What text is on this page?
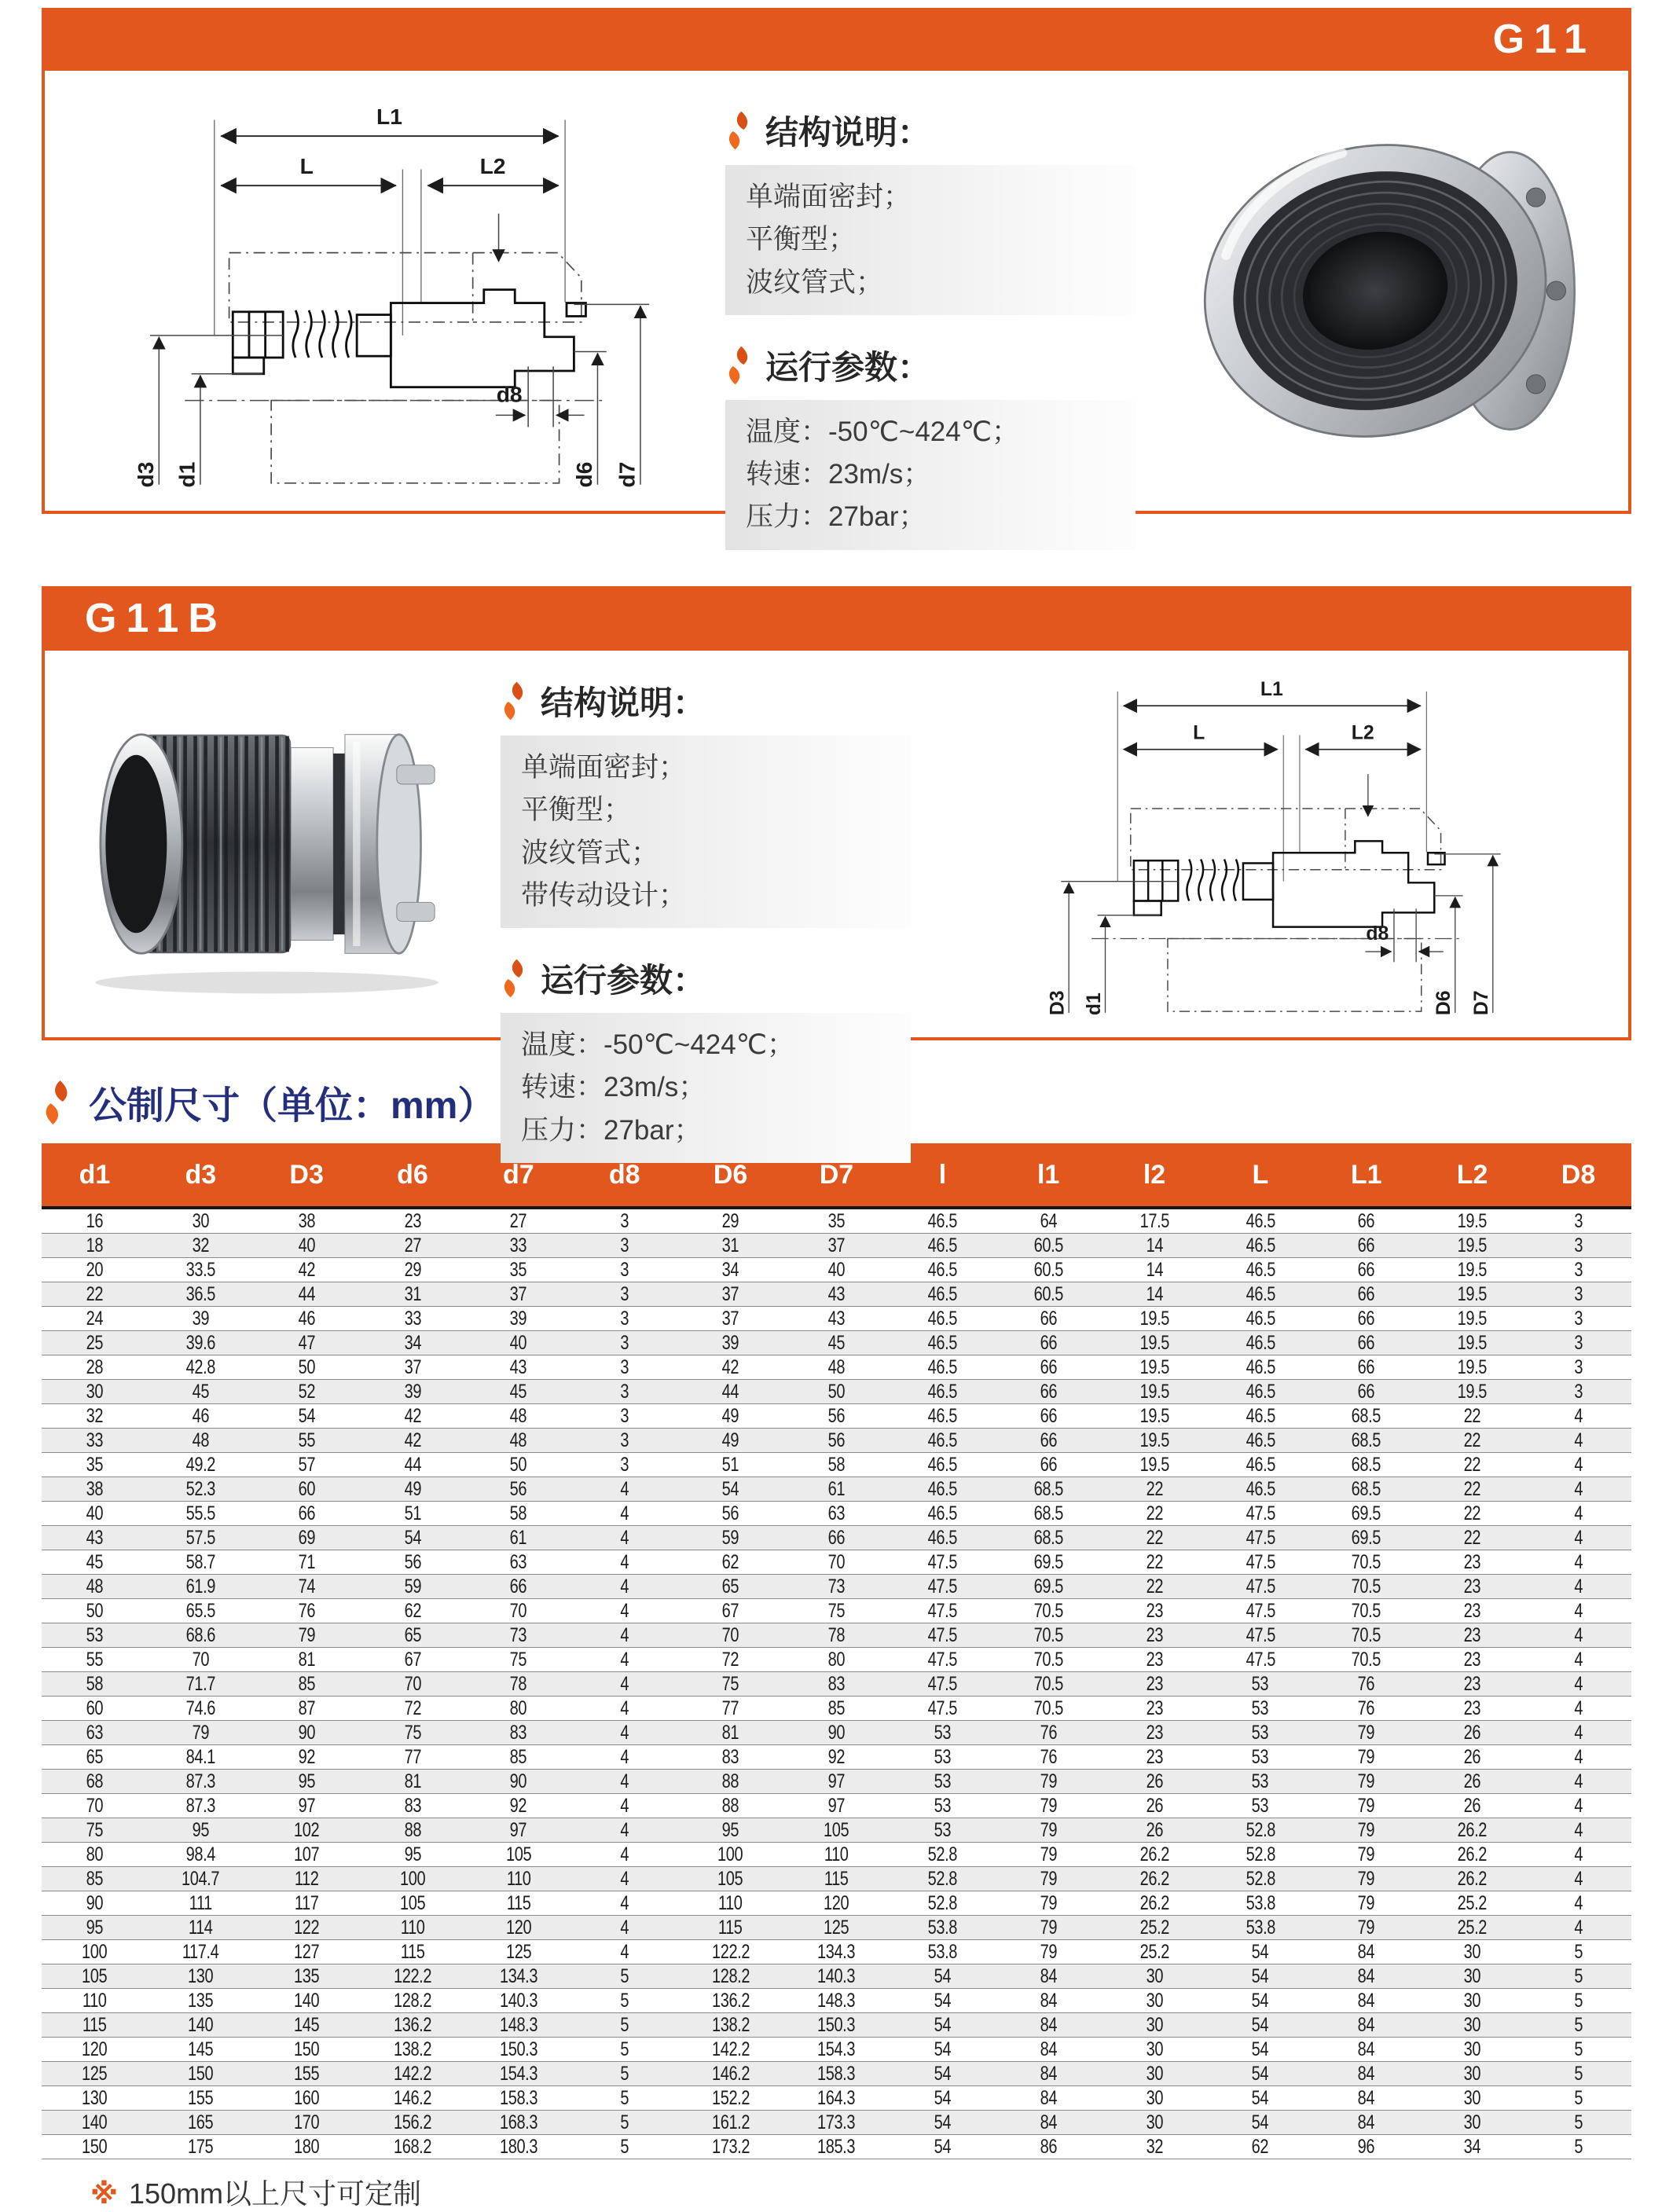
G11
L1
L	L2
d8
d3 d1	d6 d7
结构说明：
单端面密封；
平衡型；
波纹管式；
运行参数：
温度：-50℃~424℃；
转速：23m/s；
压力：27bar；
G11B
结构说明：
单端面密封；
平衡型；
波纹管式；
带传动设计；
运行参数：
温度：-50℃~424℃；
转速：23m/s；
压力：27bar；
L1
L	L2
d8
D3 d1	D6 D7
公制尺寸（单位：mm）
d1	d3	D3	d6	d7	d8	D6	D7	l	l1	l2	L	L1	L2	D8
16	30	38	23	27	3	29	35	46.5	64	17.5	46.5	66	19.5	3
18	32	40	27	33	3	31	37	46.5	60.5	14	46.5	66	19.5	3
20	33.5	42	29	35	3	34	40	46.5	60.5	14	46.5	66	19.5	3
22	36.5	44	31	37	3	37	43	46.5	60.5	14	46.5	66	19.5	3
24	39	46	33	39	3	37	43	46.5	66	19.5	46.5	66	19.5	3
25	39.6	47	34	40	3	39	45	46.5	66	19.5	46.5	66	19.5	3
28	42.8	50	37	43	3	42	48	46.5	66	19.5	46.5	66	19.5	3
30	45	52	39	45	3	44	50	46.5	66	19.5	46.5	66	19.5	3
32	46	54	42	48	3	49	56	46.5	66	19.5	46.5	68.5	22	4
33	48	55	42	48	3	49	56	46.5	66	19.5	46.5	68.5	22	4
35	49.2	57	44	50	3	51	58	46.5	66	19.5	46.5	68.5	22	4
38	52.3	60	49	56	4	54	61	46.5	68.5	22	46.5	68.5	22	4
40	55.5	66	51	58	4	56	63	46.5	68.5	22	47.5	69.5	22	4
43	57.5	69	54	61	4	59	66	46.5	68.5	22	47.5	69.5	22	4
45	58.7	71	56	63	4	62	70	47.5	69.5	22	47.5	70.5	23	4
48	61.9	74	59	66	4	65	73	47.5	69.5	22	47.5	70.5	23	4
50	65.5	76	62	70	4	67	75	47.5	70.5	23	47.5	70.5	23	4
53	68.6	79	65	73	4	70	78	47.5	70.5	23	47.5	70.5	23	4
55	70	81	67	75	4	72	80	47.5	70.5	23	47.5	70.5	23	4
58	71.7	85	70	78	4	75	83	47.5	70.5	23	53	76	23	4
60	74.6	87	72	80	4	77	85	47.5	70.5	23	53	76	23	4
63	79	90	75	83	4	81	90	53	76	23	53	79	26	4
65	84.1	92	77	85	4	83	92	53	76	23	53	79	26	4
68	87.3	95	81	90	4	88	97	53	79	26	53	79	26	4
70	87.3	97	83	92	4	88	97	53	79	26	53	79	26	4
75	95	102	88	97	4	95	105	53	79	26	52.8	79	26.2	4
80	98.4	107	95	105	4	100	110	52.8	79	26.2	52.8	79	26.2	4
85	104.7	112	100	110	4	105	115	52.8	79	26.2	52.8	79	26.2	4
90	111	117	105	115	4	110	120	52.8	79	26.2	53.8	79	25.2	4
95	114	122	110	120	4	115	125	53.8	79	25.2	53.8	79	25.2	4
100	117.4	127	115	125	4	122.2	134.3	53.8	79	25.2	54	84	30	5
105	130	135	122.2	134.3	5	128.2	140.3	54	84	30	54	84	30	5
110	135	140	128.2	140.3	5	136.2	148.3	54	84	30	54	84	30	5
115	140	145	136.2	148.3	5	138.2	150.3	54	84	30	54	84	30	5
120	145	150	138.2	150.3	5	142.2	154.3	54	84	30	54	84	30	5
125	150	155	142.2	154.3	5	146.2	158.3	54	84	30	54	84	30	5
130	155	160	146.2	158.3	5	152.2	164.3	54	84	30	54	84	30	5
140	165	170	156.2	168.3	5	161.2	173.3	54	84	30	54	84	30	5
150	175	180	168.2	180.3	5	173.2	185.3	54	86	32	62	96	34	5
※ 150mm以上尺寸可定制
